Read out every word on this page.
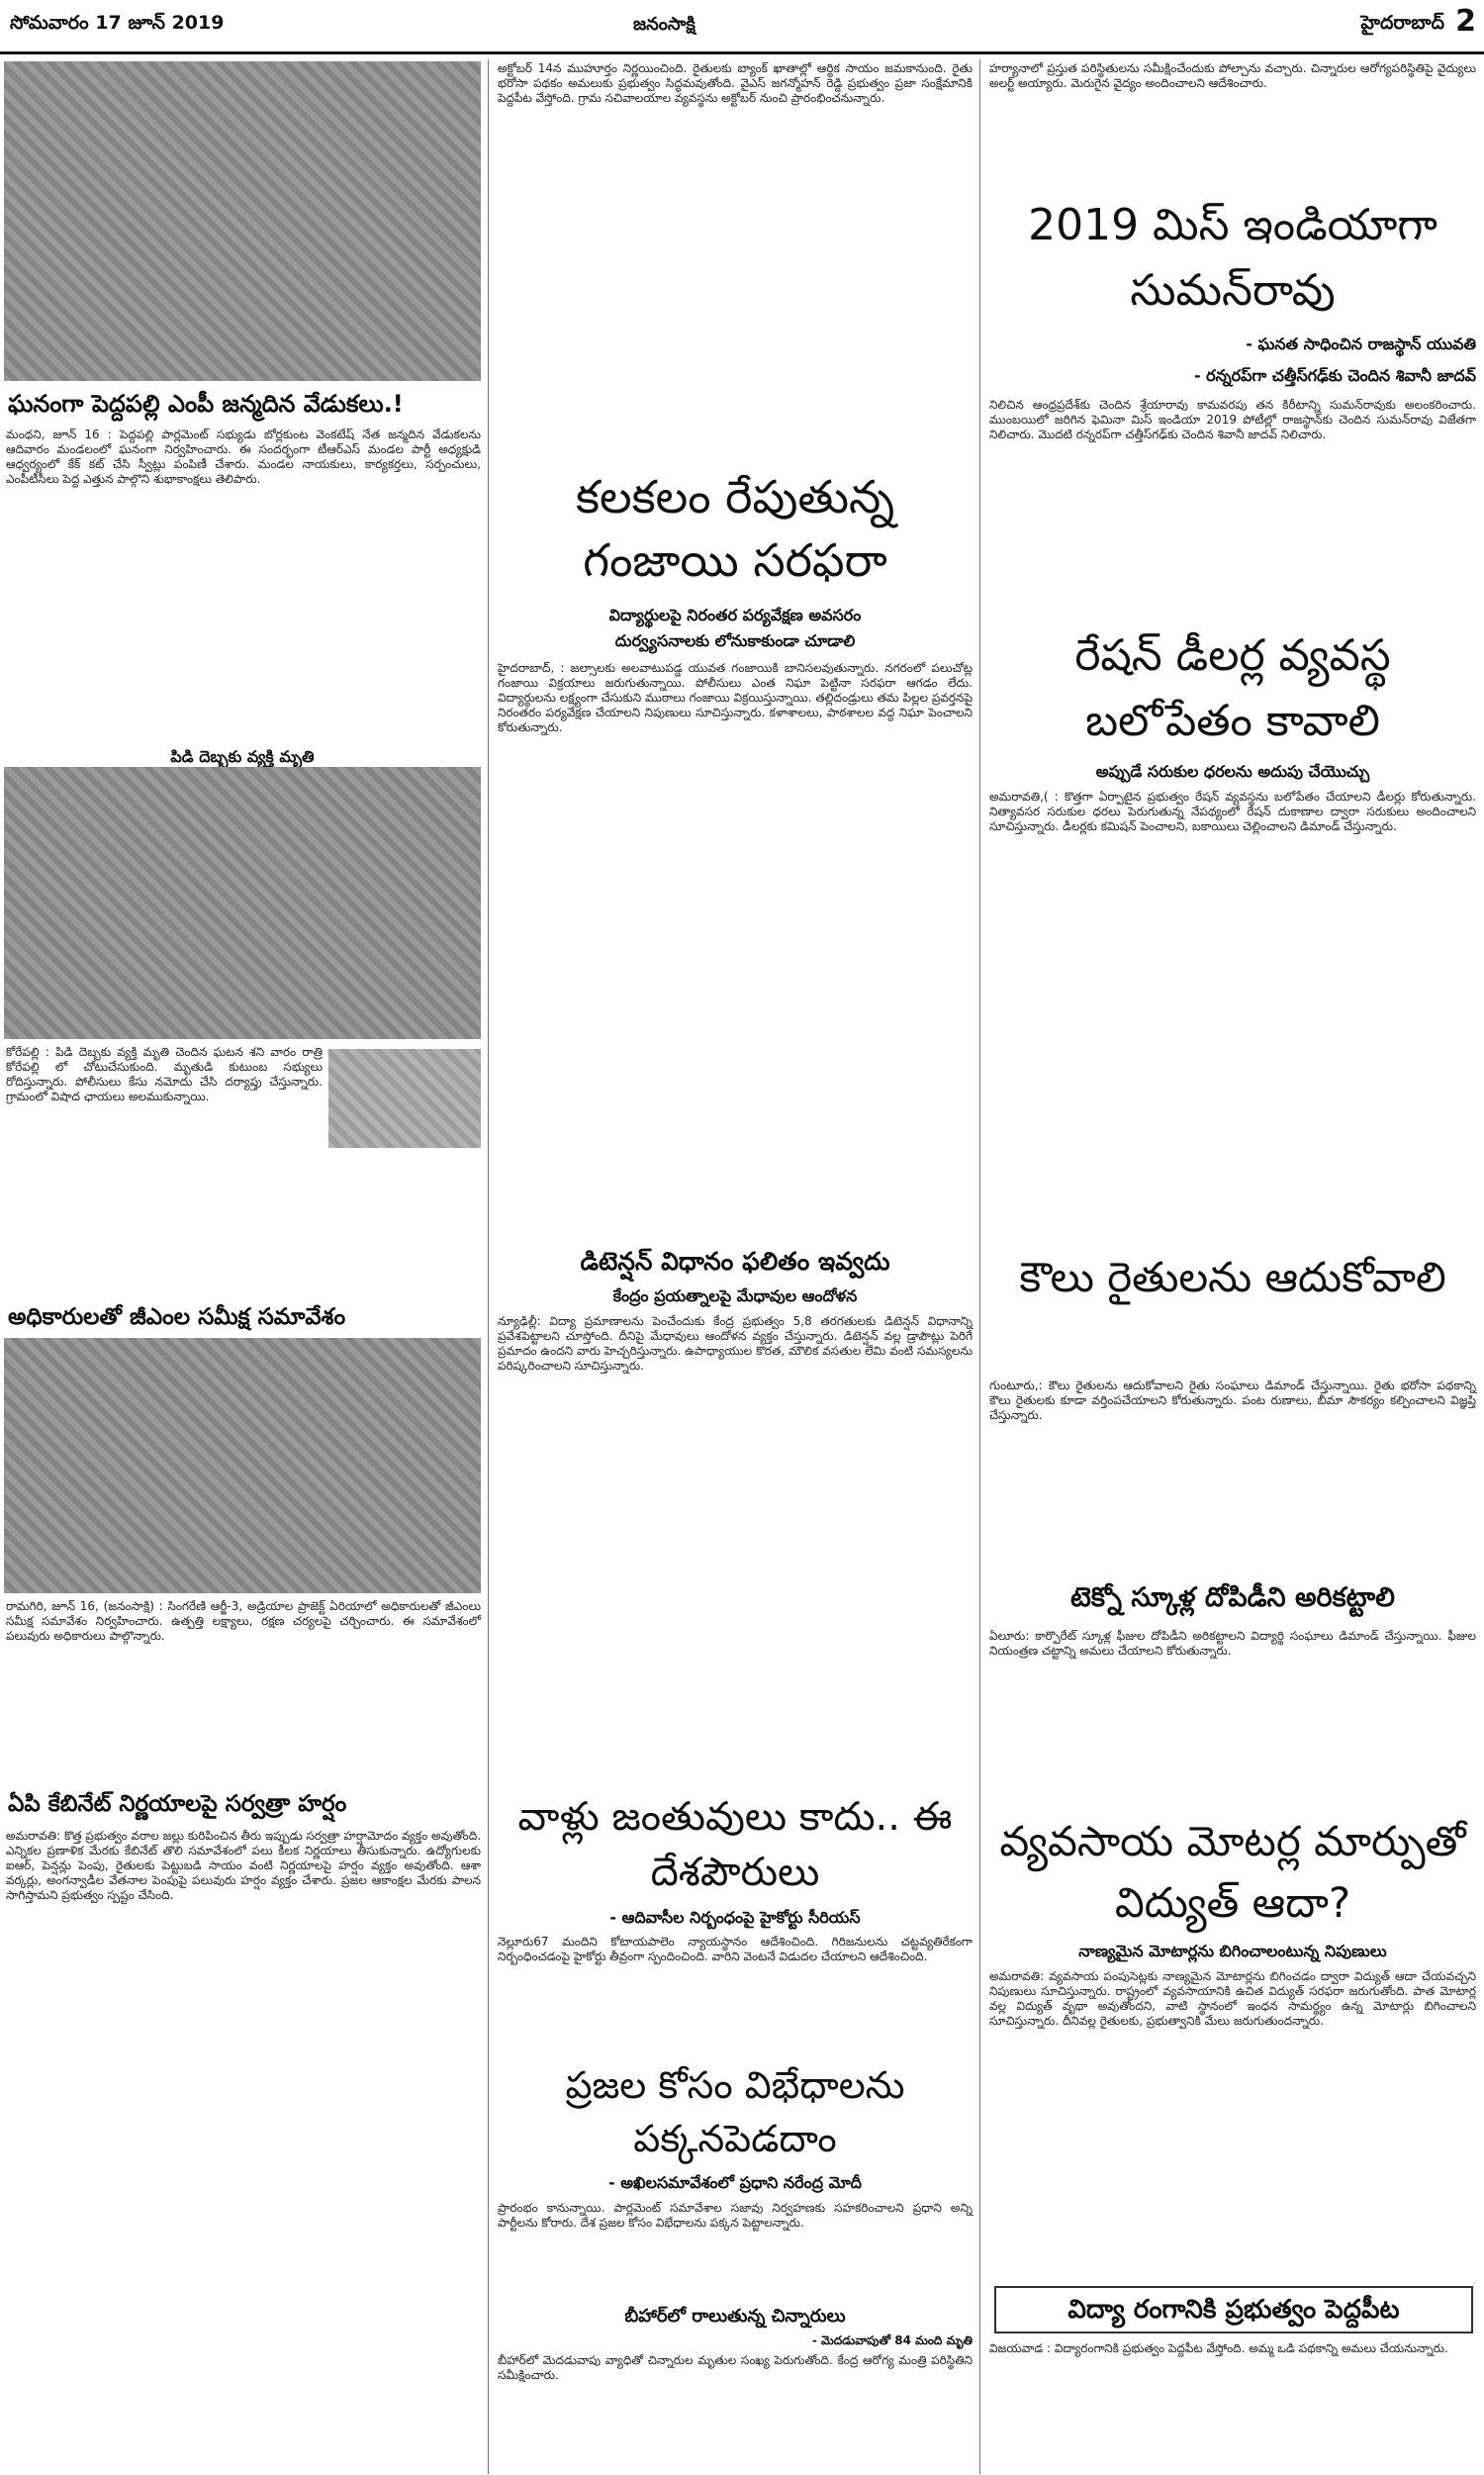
సోమవారం 17 జూన్ 2019	జనంసాక్షి	హైదరాబాద్ 2
ఘనంగా పెద్దపల్లి ఎంపీ జన్మదిన వేడుకలు.!
మంథని, జూన్ 16 : పెద్దపల్లి పార్లమెంట్ సభ్యుడు బోర్లకుంట వెంకటేష్ నేత జన్మదిన వేడుకలను ఆదివారం మండలంలో ఘనంగా నిర్వహించారు. ఈ సందర్భంగా టీఆర్ఎస్ మండల పార్టీ అధ్యక్షుడి ఆధ్వర్యంలో కేక్ కట్ చేసి స్వీట్లు పంపిణీ చేశారు. మండల నాయకులు, కార్యకర్తలు, సర్పంచులు, ఎంపీటీసీలు పెద్ద ఎత్తున పాల్గొని శుభాకాంక్షలు తెలిపారు.
పిడి దెబ్బకు వ్యక్తి మృతి
కోరేపల్లి : పిడి దెబ్బకు వ్యక్తి మృతి చెందిన ఘటన శని వారం రాత్రి కోరేపల్లి లో చోటుచేసుకుంది. మృతుడి కుటుంబ సభ్యులు రోదిస్తున్నారు. పోలీసులు కేసు నమోదు చేసి దర్యాప్తు చేస్తున్నారు. గ్రామంలో విషాద ఛాయలు అలముకున్నాయి.
అధికారులతో జీఎంల సమీక్ష సమావేశం
రామగిరి, జూన్ 16, (జనంసాక్షి) : సింగరేణి ఆర్జీ-3, అడ్రియాల ప్రాజెక్ట్ ఏరియాలో అధికారులతో జీఎంలు సమీక్ష సమావేశం నిర్వహించారు. ఉత్పత్తి లక్ష్యాలు, రక్షణ చర్యలపై చర్చించారు. ఈ సమావేశంలో పలువురు అధికారులు పాల్గొన్నారు.
ఏపి కేబినేట్ నిర్ణయాలపై సర్వత్రా హర్షం
అమరావతి: కొత్త ప్రభుత్వం వరాల జల్లు కురిపించిన తీరు ఇప్పుడు సర్వత్రా హర్షామోదం వ్యక్తం అవుతోంది. ఎన్నికల ప్రణాళిక మేరకు కేబినేట్ తొలి సమావేశంలో పలు కీలక నిర్ణయాలు తీసుకున్నారు. ఉద్యోగులకు ఐఆర్, పెన్షన్లు పెంపు, రైతులకు పెట్టుబడి సాయం వంటి నిర్ణయాలపై హర్షం వ్యక్తం అవుతోంది. ఆశా వర్కర్లు, అంగన్వాడీల వేతనాల పెంపుపై పలువురు హర్షం వ్యక్తం చేశారు. ప్రజల ఆకాంక్షల మేరకు పాలన సాగిస్తామని ప్రభుత్వం స్పష్టం చేసింది.
అక్టోబర్ 14న ముహూర్తం నిర్ణయించింది. రైతులకు బ్యాంక్ ఖాతాల్లో ఆర్థిక సాయం జమకానుంది. రైతు భరోసా పథకం అమలుకు ప్రభుత్వం సిద్ధమవుతోంది. వైఎస్ జగన్మోహన్ రెడ్డి ప్రభుత్వం ప్రజా సంక్షేమానికి పెద్దపీట వేస్తోంది. గ్రామ సచివాలయాల వ్యవస్థను అక్టోబర్ నుంచి ప్రారంభించనున్నారు.
కలకలం రేపుతున్న గంజాయి సరఫరా
విద్యార్థులపై నిరంతర పర్యవేక్షణ అవసరం
దుర్వ్యసనాలకు లోనుకాకుండా చూడాలి
హైదరాబాద్, : జల్సాలకు అలవాటుపడ్డ యువత గంజాయికి బానిసలవుతున్నారు. నగరంలో పలుచోట్ల గంజాయి విక్రయాలు జరుగుతున్నాయి. పోలీసులు ఎంత నిఘా పెట్టినా సరఫరా ఆగడం లేదు. విద్యార్థులను లక్ష్యంగా చేసుకుని ముఠాలు గంజాయి విక్రయిస్తున్నాయి. తల్లిదండ్రులు తమ పిల్లల ప్రవర్తనపై నిరంతరం పర్యవేక్షణ చేయాలని నిపుణులు సూచిస్తున్నారు. కళాశాలలు, పాఠశాలల వద్ద నిఘా పెంచాలని కోరుతున్నారు.
డిటెన్షన్ విధానం ఫలితం ఇవ్వదు
కేంద్రం ప్రయత్నాలపై మేధావుల ఆందోళన
న్యూఢిల్లీ: విద్యా ప్రమాణాలను పెంచేందుకు కేంద్ర ప్రభుత్వం 5,8 తరగతులకు డిటెన్షన్ విధానాన్ని ప్రవేశపెట్టాలని చూస్తోంది. దీనిపై మేధావులు ఆందోళన వ్యక్తం చేస్తున్నారు. డిటెన్షన్ వల్ల డ్రాపౌట్లు పెరిగే ప్రమాదం ఉందని వారు హెచ్చరిస్తున్నారు. ఉపాధ్యాయుల కొరత, మౌలిక వసతుల లేమి వంటి సమస్యలను పరిష్కరించాలని సూచిస్తున్నారు.
వాళ్లు జంతువులు కాదు.. ఈ దేశపౌరులు
- ఆదివాసీల నిర్బంధంపై హైకోర్టు సీరియస్
నెల్లూరు67 మందిని కోటాయపాలెం న్యాయస్థానం ఆదేశించింది. గిరిజనులను చట్టవ్యతిరేకంగా నిర్బంధించడంపై హైకోర్టు తీవ్రంగా స్పందించింది. వారిని వెంటనే విడుదల చేయాలని ఆదేశించింది.
ప్రజల కోసం విభేధాలను పక్కనపెడదాం
- అఖిలసమావేశంలో ప్రధాని నరేంద్ర మోదీ
ప్రారంభం కానున్నాయి. పార్లమెంట్ సమావేశాల సజావు నిర్వహణకు సహకరించాలని ప్రధాని అన్ని పార్టీలను కోరారు. దేశ ప్రజల కోసం విభేధాలను పక్కన పెట్టాలన్నారు.
బీహార్‌లో రాలుతున్న చిన్నారులు
- మెదడువాపుతో 84 మంది మృతి
బీహార్‌లో మెదడువాపు వ్యాధితో చిన్నారుల మృతుల సంఖ్య పెరుగుతోంది. కేంద్ర ఆరోగ్య మంత్రి పరిస్థితిని సమీక్షించారు.
హర్యానాలో ప్రస్తుత పరిస్థితులను సమీక్షించేందుకు పోల్చాను వచ్చారు. చిన్నారుల ఆరోగ్యపరిస్థితిపై వైద్యులు అలర్ట్ అయ్యారు. మెరుగైన వైద్యం అందించాలని ఆదేశించారు.
2019 మిస్ ఇండియాగా సుమన్‌రావు
- ఘనత సాధించిన రాజస్థాన్ యువతి
- రన్నరప్‌గా చత్తీస్‌గఢ్‌కు చెందిన శివానీ జాదవ్
నిలిచిన ఆంధ్రప్రదేశ్‌కు చెందిన శ్రేయారావు కామవరపు తన కిరీటాన్ని సుమన్‌రావుకు అలంకరించారు. ముంబయిలో జరిగిన ఫెమినా మిస్ ఇండియా 2019 పోటీల్లో రాజస్థాన్‌కు చెందిన సుమన్‌రావు విజేతగా నిలిచారు. మొదటి రన్నరప్‌గా చత్తీస్‌గఢ్‌కు చెందిన శివానీ జాదవ్ నిలిచారు.
రేషన్ డీలర్ల వ్యవస్థ బలోపేతం కావాలి
అప్పుడే సరుకుల ధరలను అదుపు చేయొచ్చు
అమరావతి,( : కొత్తగా ఏర్పాటైన ప్రభుత్వం రేషన్ వ్యవస్థను బలోపేతం చేయాలని డీలర్లు కోరుతున్నారు. నిత్యావసర సరుకుల ధరలు పెరుగుతున్న నేపథ్యంలో రేషన్ దుకాణాల ద్వారా సరుకులు అందించాలని సూచిస్తున్నారు. డీలర్లకు కమిషన్ పెంచాలని, బకాయిలు చెల్లించాలని డిమాండ్ చేస్తున్నారు.
కౌలు రైతులను ఆదుకోవాలి
గుంటూరు,: కౌలు రైతులను ఆదుకోవాలని రైతు సంఘాలు డిమాండ్ చేస్తున్నాయి. రైతు భరోసా పథకాన్ని కౌలు రైతులకు కూడా వర్తింపచేయాలని కోరుతున్నారు. పంట రుణాలు, బీమా సౌకర్యం కల్పించాలని విజ్ఞప్తి చేస్తున్నారు.
టెక్నో స్కూళ్ల దోపిడీని అరికట్టాలి
ఏలూరు: కార్పొరేట్ స్కూళ్ల ఫీజుల దోపిడీని అరికట్టాలని విద్యార్థి సంఘాలు డిమాండ్ చేస్తున్నాయి. ఫీజుల నియంత్రణ చట్టాన్ని అమలు చేయాలని కోరుతున్నారు.
వ్యవసాయ మోటర్ల మార్పుతో విద్యుత్ ఆదా?
నాణ్యమైన మోటార్లను బిగించాలంటున్న నిపుణులు
అమరావతి: వ్యవసాయ పంపుసెట్లకు నాణ్యమైన మోటార్లను బిగించడం ద్వారా విద్యుత్ ఆదా చేయవచ్చని నిపుణులు సూచిస్తున్నారు. రాష్ట్రంలో వ్యవసాయానికి ఉచిత విద్యుత్ సరఫరా జరుగుతోంది. పాత మోటార్ల వల్ల విద్యుత్ వృథా అవుతోందని, వాటి స్థానంలో ఇంధన సామర్థ్యం ఉన్న మోటార్లు బిగించాలని సూచిస్తున్నారు. దీనివల్ల రైతులకు, ప్రభుత్వానికి మేలు జరుగుతుందన్నారు.
విద్యా రంగానికి ప్రభుత్వం పెద్దపీట
విజయవాడ : విద్యారంగానికి ప్రభుత్వం పెద్దపీట వేస్తోంది. అమ్మ ఒడి పథకాన్ని అమలు చేయనున్నారు.
